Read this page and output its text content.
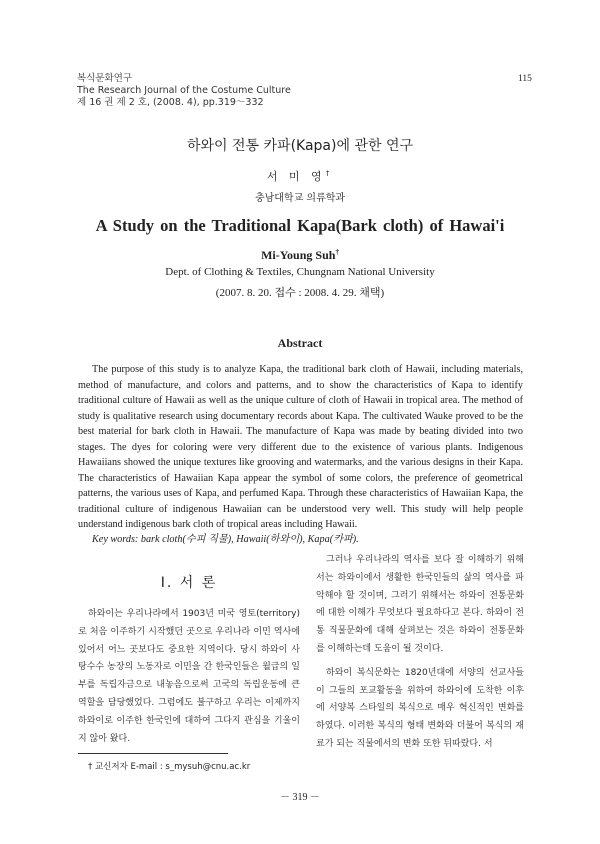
복식문화연구
The Research Journal of the Costume Culture
제 16 권 제 2 호, (2008. 4), pp.319～332
115
하와이 전통 카파(Kapa)에 관한 연구
서 미 영†
충남대학교 의류학과
A Study on the Traditional Kapa(Bark cloth) of Hawai'i
Mi-Young Suh†
Dept. of Clothing & Textiles, Chungnam National University
(2007. 8. 20. 접수 : 2008. 4. 29. 채택)
Abstract

The purpose of this study is to analyze Kapa, the traditional bark cloth of Hawaii, including materials, method of manufacture, and colors and patterns, and to show the characteristics of Kapa to identify traditional culture of Hawaii as well as the unique culture of cloth of Hawaii in tropical area. The method of study is qualitative research using documentary records about Kapa. The cultivated Wauke proved to be the best material for bark cloth in Hawaii. The manufacture of Kapa was made by beating divided into two stages. The dyes for coloring were very different due to the existence of various plants. Indigenous Hawaiians showed the unique textures like grooving and watermarks, and the various designs in their Kapa. The characteristics of Hawaiian Kapa appear the symbol of some colors, the preference of geometrical patterns, the various uses of Kapa, and perfumed Kapa. Through these characteristics of Hawaiian Kapa, the traditional culture of indigenous Hawaiian can be understood very well. This study will help people understand indigenous bark cloth of tropical areas including Hawaii.

Key words: bark cloth(수피 직물), Hawaii(하와이), Kapa(카파).
I. 서 론

하와이는 우리나라에서 1903년 미국 영토(territory)로 처음 이주하기 시작했던 곳으로 우리나라 이민 역사에 있어서 어느 곳보다도 중요한 지역이다. 당시 하와이 사탕수수 농장의 노동자로 이민을 간 한국인들은 월급의 일부를 독립자금으로 내놓음으로써 고국의 독립운동에 큰 역할을 담당했었다. 그럼에도 불구하고 우리는 이제까지 하와이로 이주한 한국인에 대하여 그다지 관심을 기울이지 않아 왔다.

그러나 우리나라의 역사를 보다 잘 이해하기 위해서는 하와이에서 생활한 한국인들의 삶의 역사를 파악해야 할 것이며, 그러기 위해서는 하와이 전통문화에 대한 이해가 무엇보다 필요하다고 본다. 하와이 전통 직물문화에 대해 살펴보는 것은 하와이 전통문화를 이해하는데 도움이 될 것이다.

하와이 복식문화는 1820년대에 서양의 선교사들이 그들의 포교활동을 위하여 하와이에 도착한 이후에 서양복 스타일의 복식으로 매우 혁신적인 변화를 하였다. 이러한 복식의 형태 변화와 더불어 복식의 재료가 되는 직물에서의 변화 또한 뒤따랐다. 서

† 교신저자 E-mail : s_mysuh@cnu.ac.kr
－ 319 －
